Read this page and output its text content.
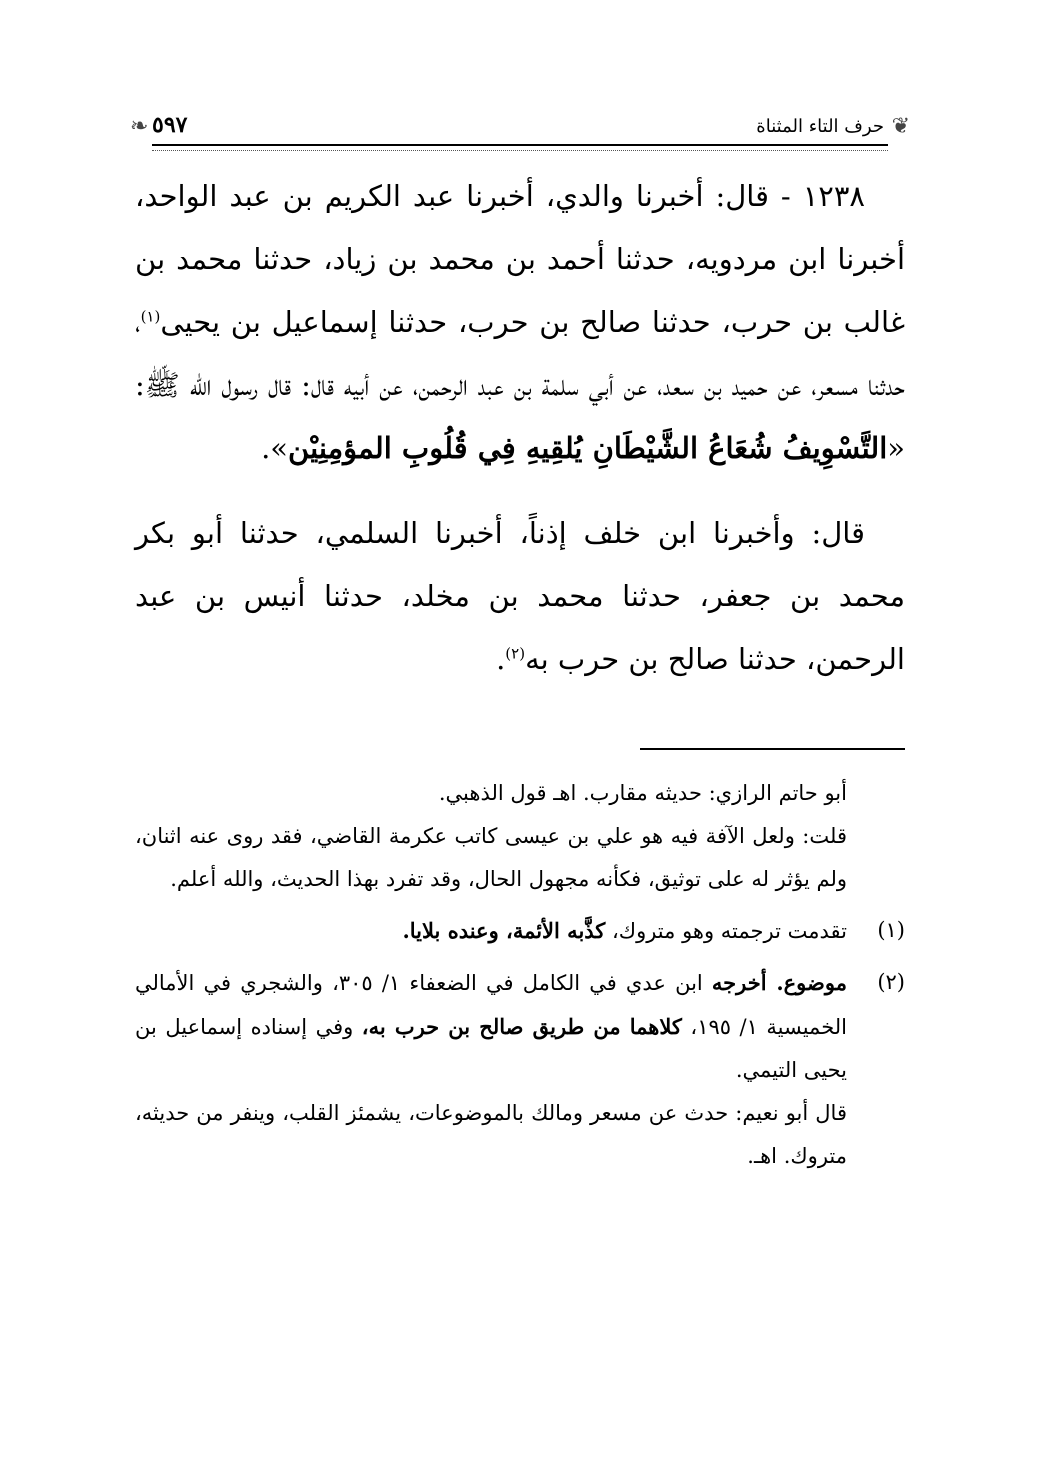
❦
حرف التاء المثناة
٥٩٧
❧

١٢٣٨ - قال: أخبرنا والدي، أخبرنا عبد الكريم بن عبد الواحد، أخبرنا ابن مردويه، حدثنا أحمد بن محمد بن زياد، حدثنا محمد بن غالب بن حرب، حدثنا صالح بن حرب، حدثنا إسماعيل بن يحيى$^{(١)}$، حدثنا مسعر، عن حميد بن سعد، عن أبي سلمة بن عبد الرحمن، عن أبيه قال: قال رسول الله ﷺ: «التَّسْوِيفُ شُعَاعُ الشَّيْطَانِ يُلقِيهِ فِي قُلُوبِ المؤمِنِيْن».

قال: وأخبرنا ابن خلف إذناً، أخبرنا السلمي، حدثنا أبو بكر محمد بن جعفر، حدثنا محمد بن مخلد، حدثنا أنيس بن عبد الرحمن، حدثنا صالح بن حرب به$^{(٢)}$.

أبو حاتم الرازي: حديثه مقارب. اهـ قول الذهبي.

قلت: ولعل الآفة فيه هو علي بن عيسى كاتب عكرمة القاضي، فقد روى عنه اثنان، ولم يؤثر له على توثيق، فكأنه مجهول الحال، وقد تفرد بهذا الحديث، والله أعلم.

(١)
تقدمت ترجمته وهو متروك، كذَّبه الأئمة، وعنده بلايا.
(٢)
موضوع. أخرجه ابن عدي في الكامل في الضعفاء ١/ ٣٠٥، والشجري في الأمالي الخميسية ١/ ١٩٥، كلاهما من طريق صالح بن حرب به، وفي إسناده إسماعيل بن يحيى التيمي.

قال أبو نعيم: حدث عن مسعر ومالك بالموضوعات، يشمئز القلب، وينفر من حديثه، متروك. اهـ.
